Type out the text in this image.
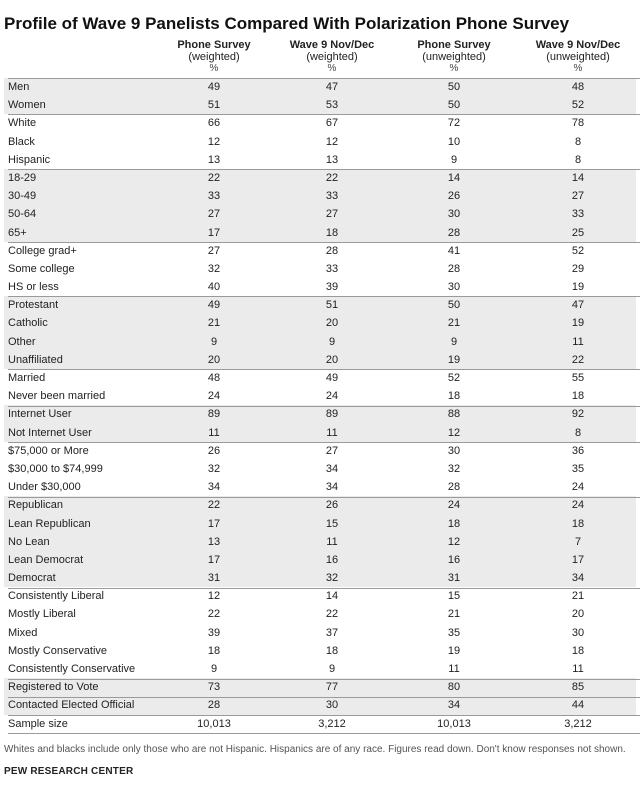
Profile of Wave 9 Panelists Compared With Polarization Phone Survey
Phone Survey
(weighted)
%
Wave 9 Nov/Dec
(weighted)
%
Phone Survey
(unweighted)
%
Wave 9 Nov/Dec
(unweighted)
%
Men	49	47	50	48
Women	51	53	50	52
White	66	67	72	78
Black	12	12	10	8
Hispanic	13	13	9	8
18-29	22	22	14	14
30-49	33	33	26	27
50-64	27	27	30	33
65+	17	18	28	25
College grad+	27	28	41	52
Some college	32	33	28	29
HS or less	40	39	30	19
Protestant	49	51	50	47
Catholic	21	20	21	19
Other	9	9	9	11
Unaffiliated	20	20	19	22
Married	48	49	52	55
Never been married	24	24	18	18
Internet User	89	89	88	92
Not Internet User	11	11	12	8
$75,000 or More	26	27	30	36
$30,000 to $74,999	32	34	32	35
Under $30,000	34	34	28	24
Republican	22	26	24	24
Lean Republican	17	15	18	18
No Lean	13	11	12	7
Lean Democrat	17	16	16	17
Democrat	31	32	31	34
Consistently Liberal	12	14	15	21
Mostly Liberal	22	22	21	20
Mixed	39	37	35	30
Mostly Conservative	18	18	19	18
Consistently Conservative	9	9	11	11
Registered to Vote	73	77	80	85
Contacted Elected Official	28	30	34	44
Sample size	10,013	3,212	10,013	3,212
Whites and blacks include only those who are not Hispanic. Hispanics are of any race. Figures read down. Don't know responses not shown.
PEW RESEARCH CENTER
